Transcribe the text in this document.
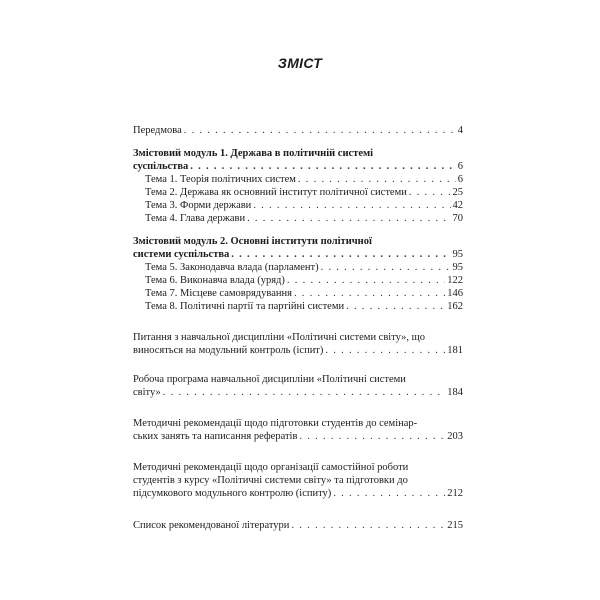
ЗМІСТ
Передмова . . .	4
Змістовий модуль 1. Держава в політичній системі
суспільства . . .	6
Тема 1. Теорія політичних систем . . .	6
Тема 2. Держава як основний інститут політичної системи . . .	25
Тема 3. Форми держави . . .	42
Тема 4. Глава держави . . .	70
Змістовий модуль 2. Основні інститути політичної
системи суспільства . . .	95
Тема 5. Законодавча влада (парламент) . . .	95
Тема 6. Виконавча влада (уряд) . . .	122
Тема 7. Місцеве самоврядування . . .	146
Тема 8. Політичні партії та партійні системи . . .	162
Питання з навчальної дисципліни «Політичні системи світу», що
виносяться на модульний контроль (іспит) . . .	181
Робоча програма навчальної дисципліни «Політичні системи
світу» . . .	184
Методичні рекомендації щодо підготовки студентів до семінар-
ських занять та написання рефератів . . .	203
Методичні рекомендації щодо організації самостійної роботи
студентів з курсу «Політичні системи світу» та підготовки до
підсумкового модульного контролю (іспиту) . . .	212
Список рекомендованої літератури . . .	215
